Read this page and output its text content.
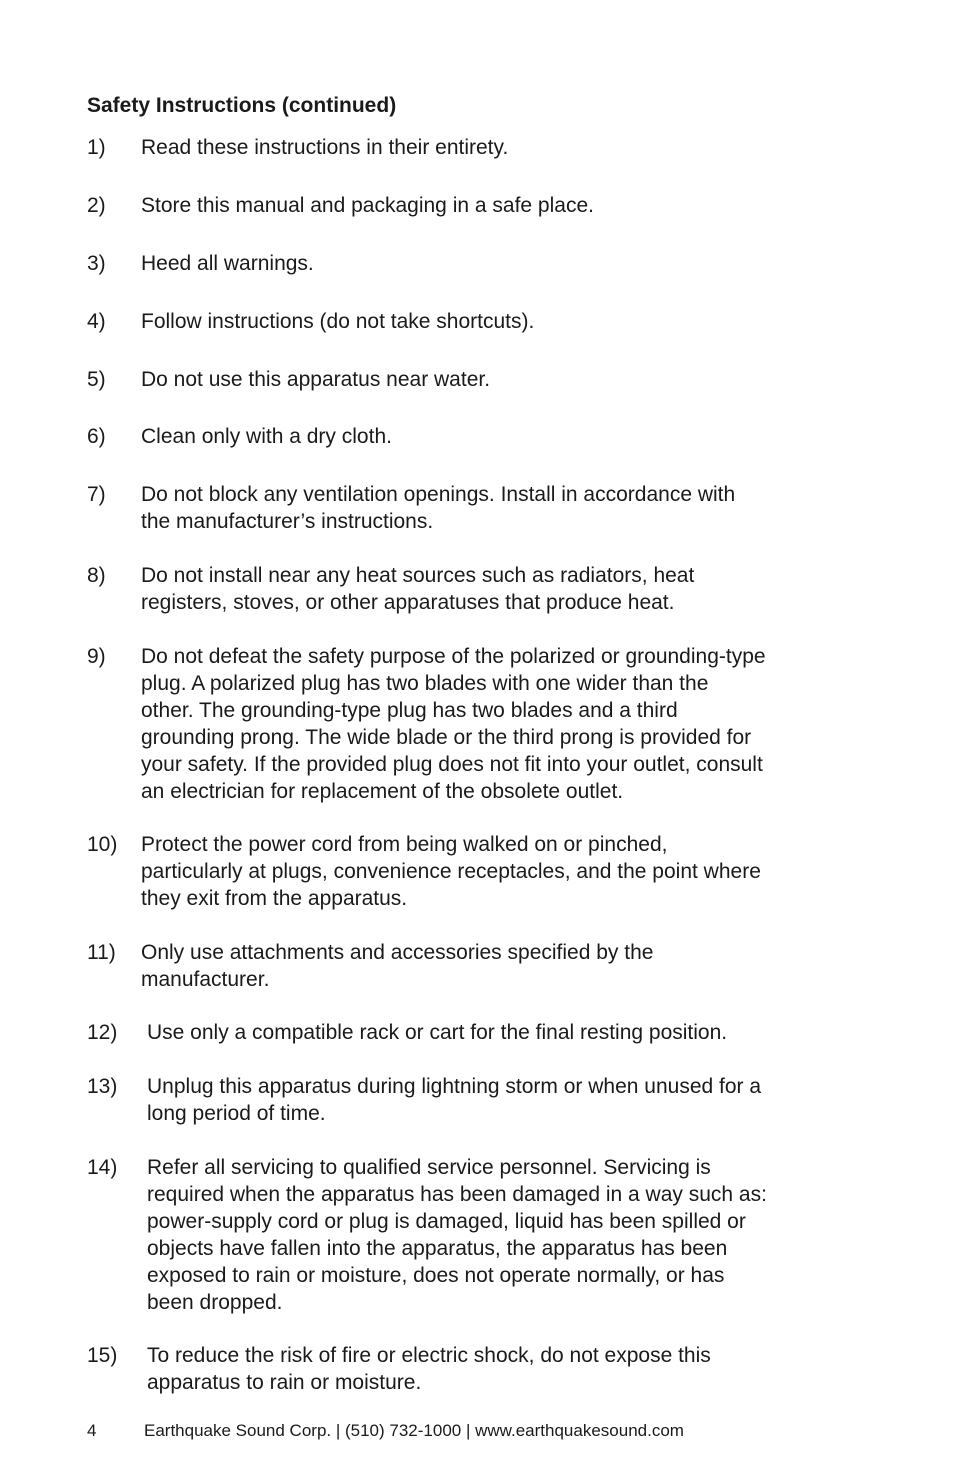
Safety Instructions (continued)
1) Read these instructions in their entirety.
2) Store this manual and packaging in a safe place.
3) Heed all warnings.
4) Follow instructions (do not take shortcuts).
5) Do not use this apparatus near water.
6) Clean only with a dry cloth.
7) Do not block any ventilation openings. Install in accordance with
the manufacturer’s instructions.
8) Do not install near any heat sources such as radiators, heat
registers, stoves, or other apparatuses that produce heat.
9) Do not defeat the safety purpose of the polarized or grounding-type
plug. A polarized plug has two blades with one wider than the
other. The grounding-type plug has two blades and a third
grounding prong. The wide blade or the third prong is provided for
your safety. If the provided plug does not fit into your outlet, consult
an electrician for replacement of the obsolete outlet.
10) Protect the power cord from being walked on or pinched,
particularly at plugs, convenience receptacles, and the point where
they exit from the apparatus.
11) Only use attachments and accessories specified by the
manufacturer.
12) Use only a compatible rack or cart for the final resting position.
13) Unplug this apparatus during lightning storm or when unused for a
long period of time.
14) Refer all servicing to qualified service personnel. Servicing is
required when the apparatus has been damaged in a way such as:
power-supply cord or plug is damaged, liquid has been spilled or
objects have fallen into the apparatus, the apparatus has been
exposed to rain or moisture, does not operate normally, or has
been dropped.
15) To reduce the risk of fire or electric shock, do not expose this
apparatus to rain or moisture.
4	Earthquake Sound Corp. | (510) 732-1000 | www.earthquakesound.com
